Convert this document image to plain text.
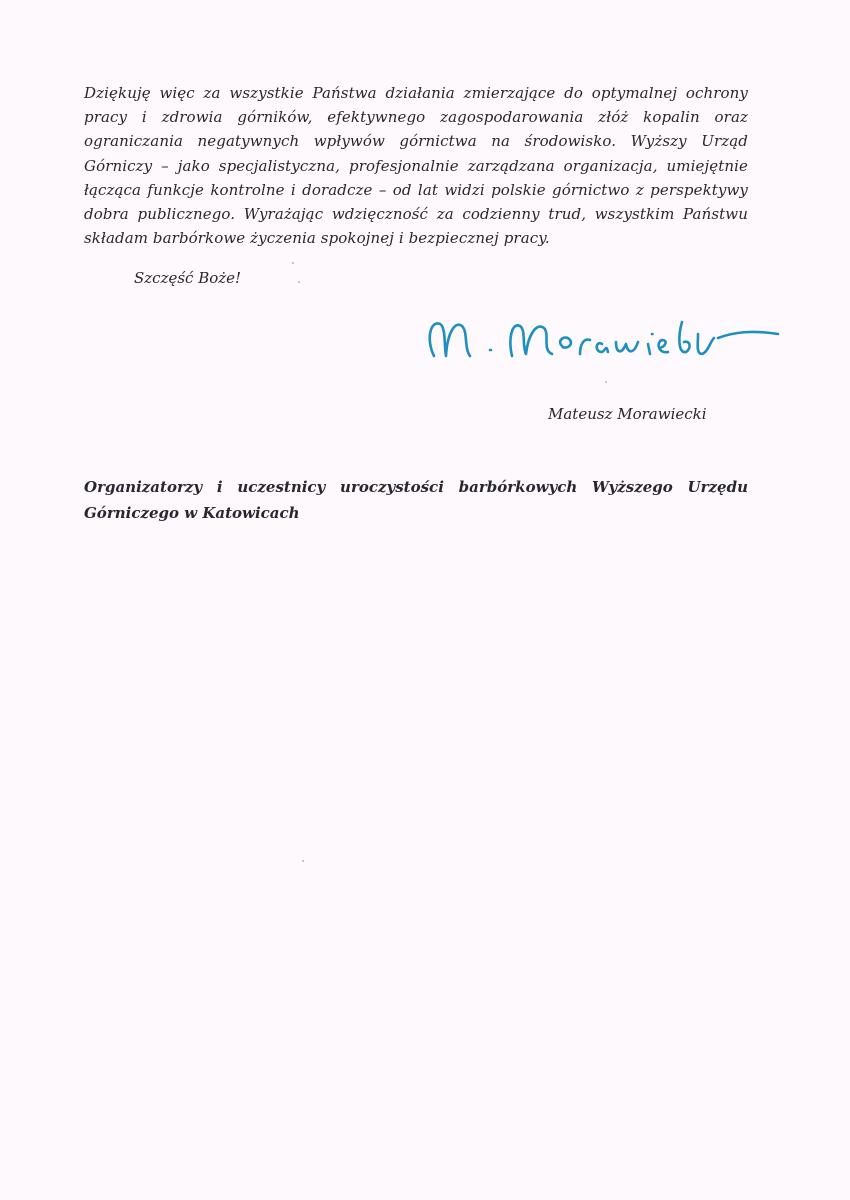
Dziękuję więc za wszystkie Państwa działania zmierzające do optymalnej ochrony pracy i zdrowia górników, efektywnego zagospodarowania złóż kopalin oraz ograniczania negatywnych wpływów górnictwa na środowisko. Wyższy Urząd Górniczy – jako specjalistyczna, profesjonalnie zarządzana organizacja, umiejętnie łącząca funkcje kontrolne i doradcze – od lat widzi polskie górnictwo z perspektywy dobra publicznego. Wyrażając wdzięczność za codzienny trud, wszystkim Państwu składam barbórkowe życzenia spokojnej i bezpiecznej pracy.

Szczęść Boże!
Mateusz Morawiecki

Organizatorzy i uczestnicy uroczystości barbórkowych Wyższego Urzędu Górniczego w Katowicach
